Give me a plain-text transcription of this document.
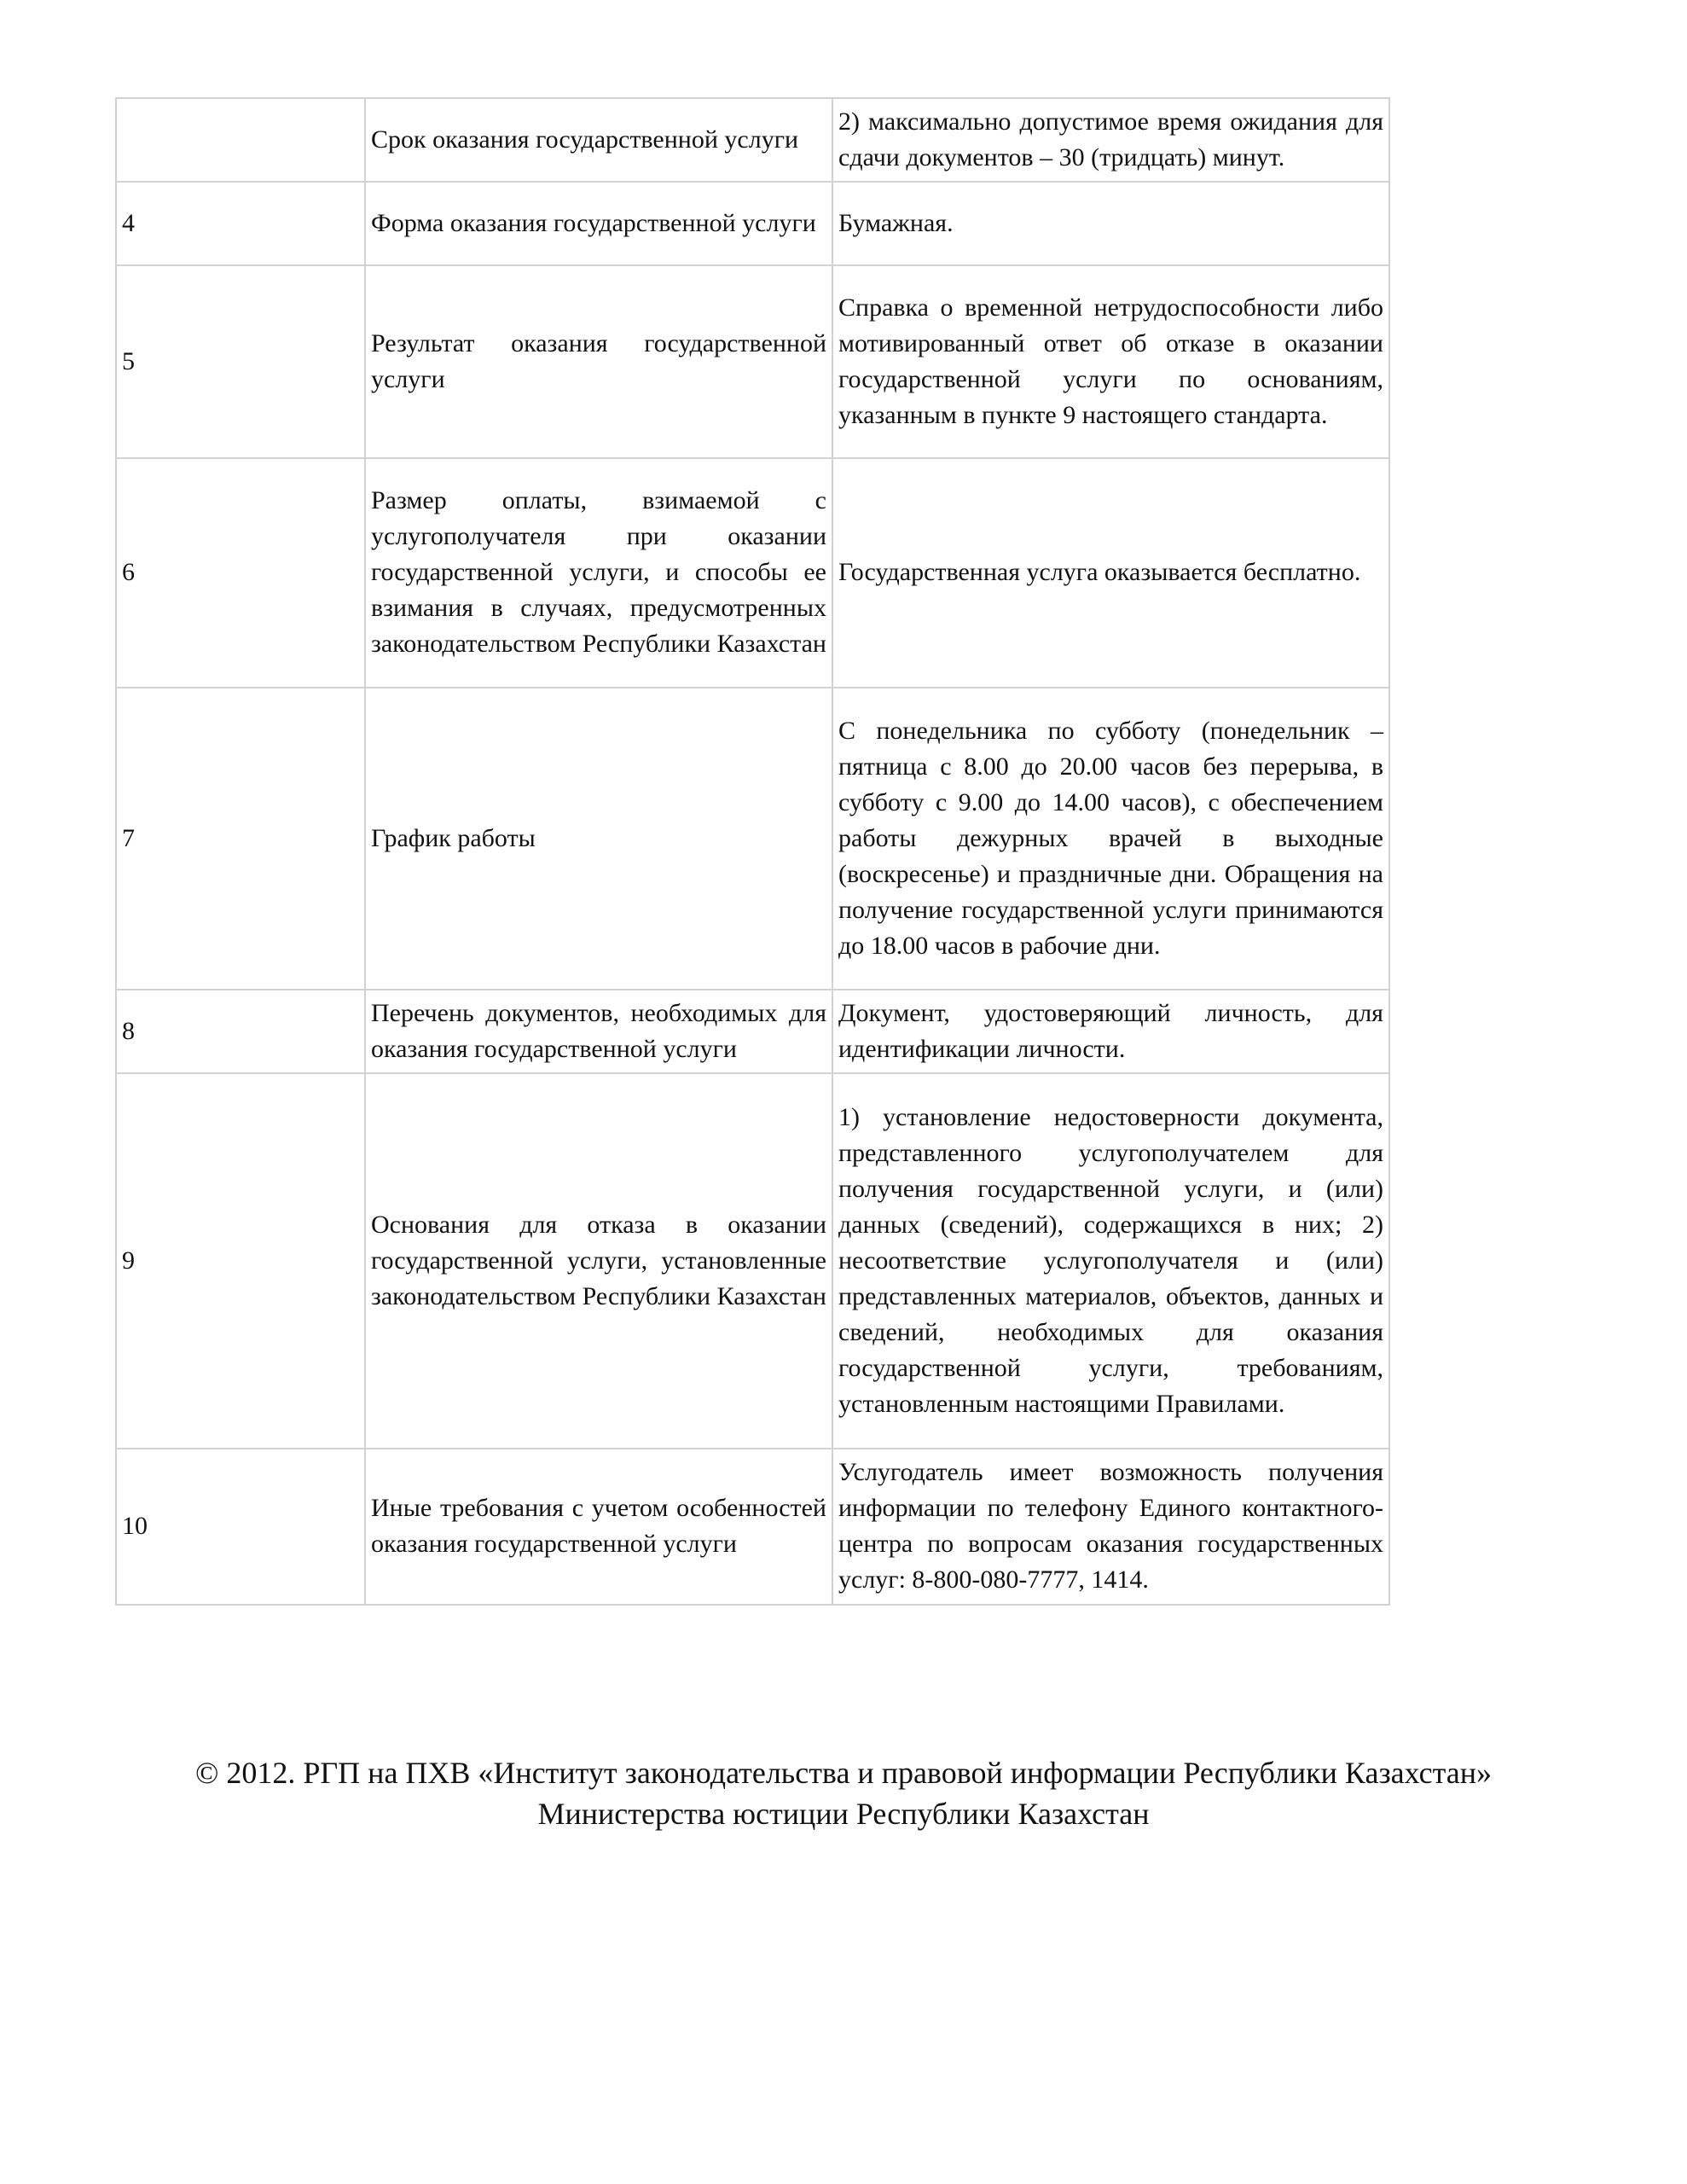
	Срок оказания государственной услуги	2) максимально допустимое время ожидания для сдачи документов – 30 (тридцать) минут.
4	Форма оказания государственной услуги	Бумажная.
5	Результат оказания государственной услуги	Справка о временной нетрудоспособности либо мотивированный ответ об отказе в оказании государственной услуги по основаниям, указанным в пункте 9 настоящего стандарта.
6	Размер оплаты, взимаемой с услугополучателя при оказании государственной услуги, и способы ее взимания в случаях, предусмотренных законодательством Республики Казахстан	Государственная услуга оказывается бесплатно.
7	График работы	С понедельника по субботу (понедельник – пятница с 8.00 до 20.00 часов без перерыва, в субботу с 9.00 до 14.00 часов), с обеспечением работы дежурных врачей в выходные (воскресенье) и праздничные дни. Обращения на получение государственной услуги принимаются до 18.00 часов в рабочие дни.
8	Перечень документов, необходимых для оказания государственной услуги	Документ, удостоверяющий личность, для идентификации личности.
9	Основания для отказа в оказании государственной услуги, установленные законодательством Республики Казахстан	1) установление недостоверности документа, представленного услугополучателем для получения государственной услуги, и (или) данных (сведений), содержащихся в них; 2) несоответствие услугополучателя и (или) представленных материалов, объектов, данных и сведений, необходимых для оказания государственной услуги, требованиям, установленным настоящими Правилами.
10	Иные требования с учетом особенностей оказания государственной услуги	Услугодатель имеет возможность получения информации по телефону Единого контактного-центра по вопросам оказания государственных услуг: 8-800-080-7777, 1414.
© 2012. РГП на ПХВ «Институт законодательства и правовой информации Республики Казахстан»
Министерства юстиции Республики Казахстан
